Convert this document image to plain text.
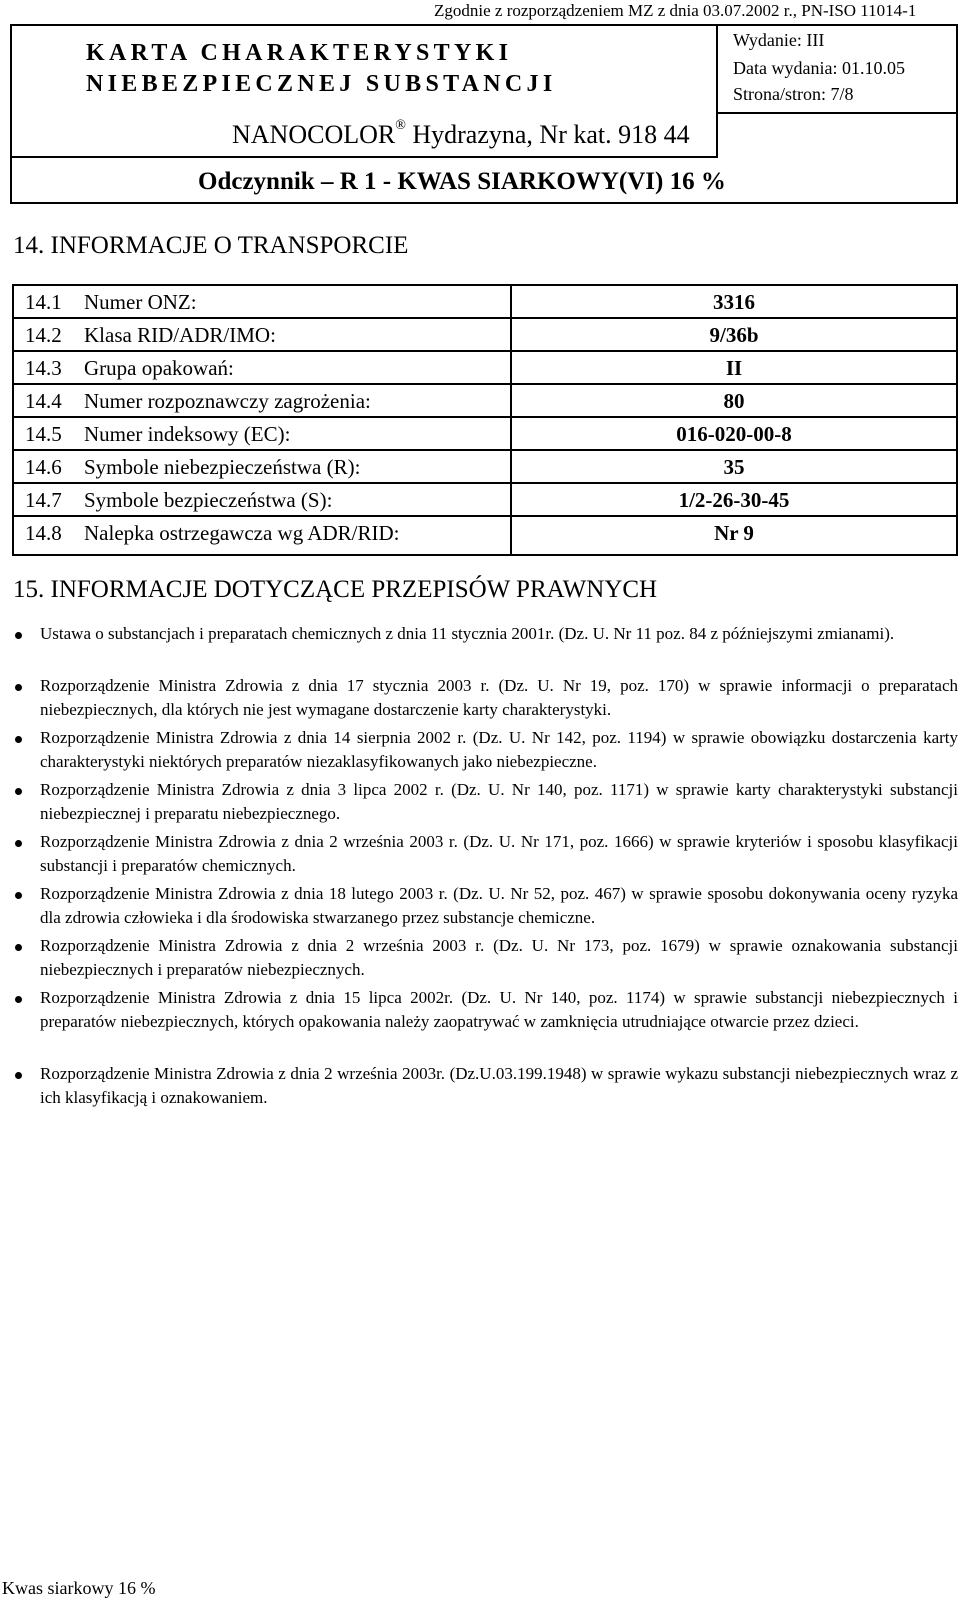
Zgodnie z rozporządzeniem MZ z dnia 03.07.2002 r., PN-ISO 11014-1
KARTA CHARAKTERYSTYKI
NIEBEZPIECZNEJ SUBSTANCJI
NANOCOLOR® Hydrazyna, Nr kat. 918 44
Wydanie: III
Data wydania: 01.10.05
Strona/stron: 7/8
Odczynnik – R 1 - KWAS SIARKOWY(VI) 16 %
14. INFORMACJE O TRANSPORCIE
14.1 Numer ONZ:	3316
14.2 Klasa RID/ADR/IMO:	9/36b
14.3 Grupa opakowań:	II
14.4 Numer rozpoznawczy zagrożenia:	80
14.5 Numer indeksowy (EC):	016-020-00-8
14.6 Symbole niebezpieczeństwa (R):	35
14.7 Symbole bezpieczeństwa (S):	1/2-26-30-45
14.8 Nalepka ostrzegawcza wg ADR/RID:	Nr 9
15. INFORMACJE DOTYCZĄCE PRZEPISÓW PRAWNYCH
Ustawa o substancjach i preparatach chemicznych z dnia 11 stycznia 2001r. (Dz. U. Nr 11 poz. 84 z późniejszymi zmianami).
Rozporządzenie Ministra Zdrowia z dnia 17 stycznia 2003 r. (Dz. U. Nr 19, poz. 170) w sprawie informacji o preparatach niebezpiecznych, dla których nie jest wymagane dostarczenie karty charakterystyki.
Rozporządzenie Ministra Zdrowia z dnia 14 sierpnia 2002 r. (Dz. U. Nr 142, poz. 1194) w sprawie obowiązku dostarczenia karty charakterystyki niektórych preparatów niezaklasyfikowanych jako niebezpieczne.
Rozporządzenie Ministra Zdrowia z dnia 3 lipca 2002 r. (Dz. U. Nr 140, poz. 1171) w sprawie karty charakterystyki substancji niebezpiecznej i preparatu niebezpiecznego.
Rozporządzenie Ministra Zdrowia z dnia 2 września 2003 r. (Dz. U. Nr 171, poz. 1666) w sprawie kryteriów i sposobu klasyfikacji substancji i preparatów chemicznych.
Rozporządzenie Ministra Zdrowia z dnia 18 lutego 2003 r. (Dz. U. Nr 52, poz. 467) w sprawie sposobu dokonywania oceny ryzyka dla zdrowia człowieka i dla środowiska stwarzanego przez substancje chemiczne.
Rozporządzenie Ministra Zdrowia z dnia 2 września 2003 r. (Dz. U. Nr 173, poz. 1679) w sprawie oznakowania substancji niebezpiecznych i preparatów niebezpiecznych.
Rozporządzenie Ministra Zdrowia z dnia 15 lipca 2002r. (Dz. U. Nr 140, poz. 1174) w sprawie substancji niebezpiecznych i preparatów niebezpiecznych, których opakowania należy zaopatrywać w zamknięcia utrudniające otwarcie przez dzieci.
Rozporządzenie Ministra Zdrowia z dnia 2 września 2003r. (Dz.U.03.199.1948) w sprawie wykazu substancji niebezpiecznych wraz z ich klasyfikacją i oznakowaniem.
Kwas siarkowy 16 %
